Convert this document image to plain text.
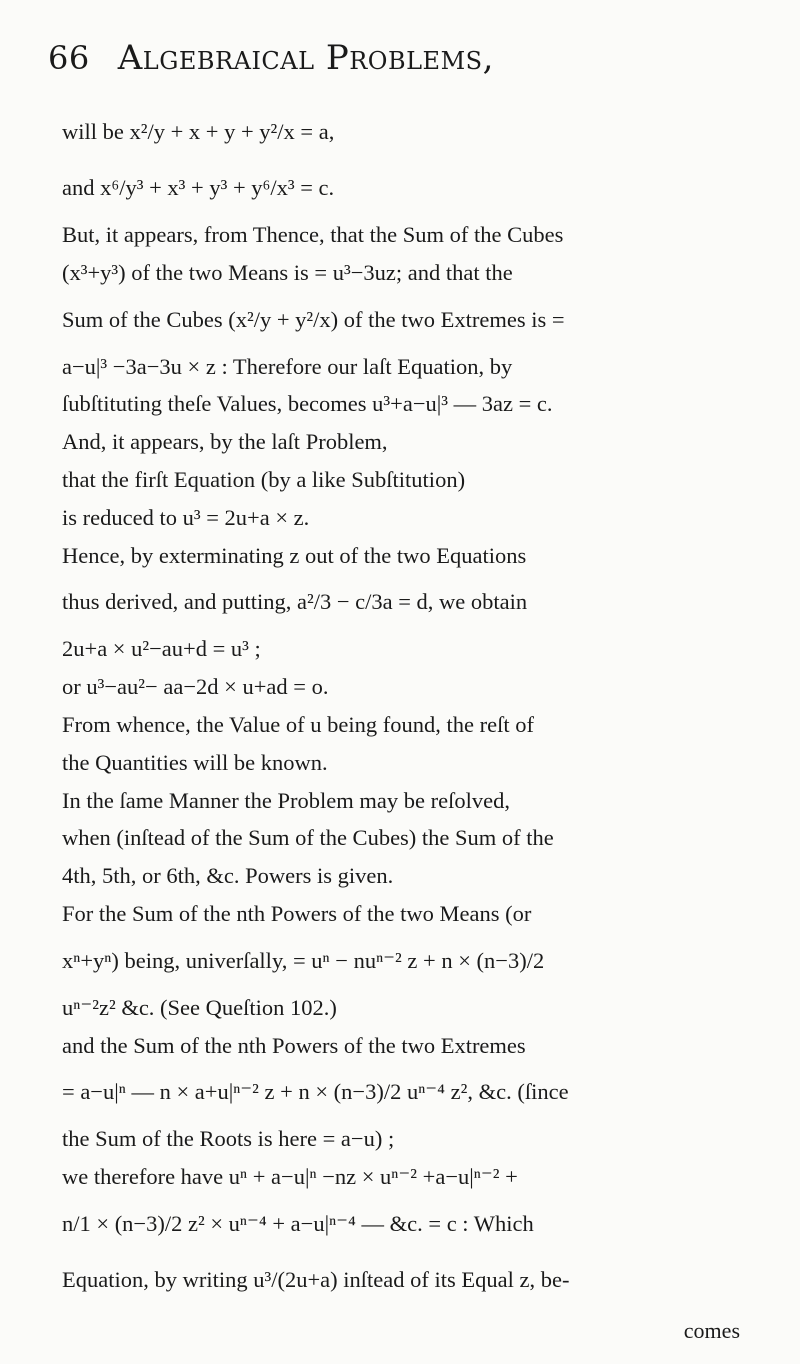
66 Algebraical Problems,
will be x²/y + x + y + y²/x = a,
and x⁶/y³ + x³ + y³ + y⁶/x³ = c.
But, it appears, from Thence, that the Sum of the Cubes
(x³+y³) of the two Means is = u³−3uz; and that the
Sum of the Cubes (x²/y + y²/x) of the two Extremes is =
a−u|³ −3a−3u × z : Therefore our laſt Equation, by
ſubſtituting theſe Values, becomes u³+a−u|³ — 3az = c.
And, it appears, by the laſt Problem,
that the firſt Equation (by a like Subſtitution)
is reduced to u³ = 2u+a × z.
Hence, by exterminating z out of the two Equations
thus derived, and putting, a²/3 − c/3a = d, we obtain
2u+a × u²−au+d = u³ ;
or u³−au²− aa−2d × u+ad = o.
From whence, the Value of u being found, the reſt of
the Quantities will be known.
In the ſame Manner the Problem may be reſolved,
when (inſtead of the Sum of the Cubes) the Sum of the
4th, 5th, or 6th, &c. Powers is given.
For the Sum of the nth Powers of the two Means (or
xⁿ+yⁿ) being, univerſally, = uⁿ − nuⁿ⁻² z + n × (n−3)/2
uⁿ⁻²z² &c. (See Queſtion 102.)
and the Sum of the nth Powers of the two Extremes
= a−u|ⁿ — n × a+u|ⁿ⁻² z + n × (n−3)/2 uⁿ⁻⁴ z², &c. (ſince
the Sum of the Roots is here = a−u) ;
we therefore have uⁿ + a−u|ⁿ −nz × uⁿ⁻² +a−u|ⁿ⁻² +
n/1 × (n−3)/2 z² × uⁿ⁻⁴ + a−u|ⁿ⁻⁴ — &c. = c : Which
Equation, by writing u³/(2u+a) inſtead of its Equal z, be-
comes
